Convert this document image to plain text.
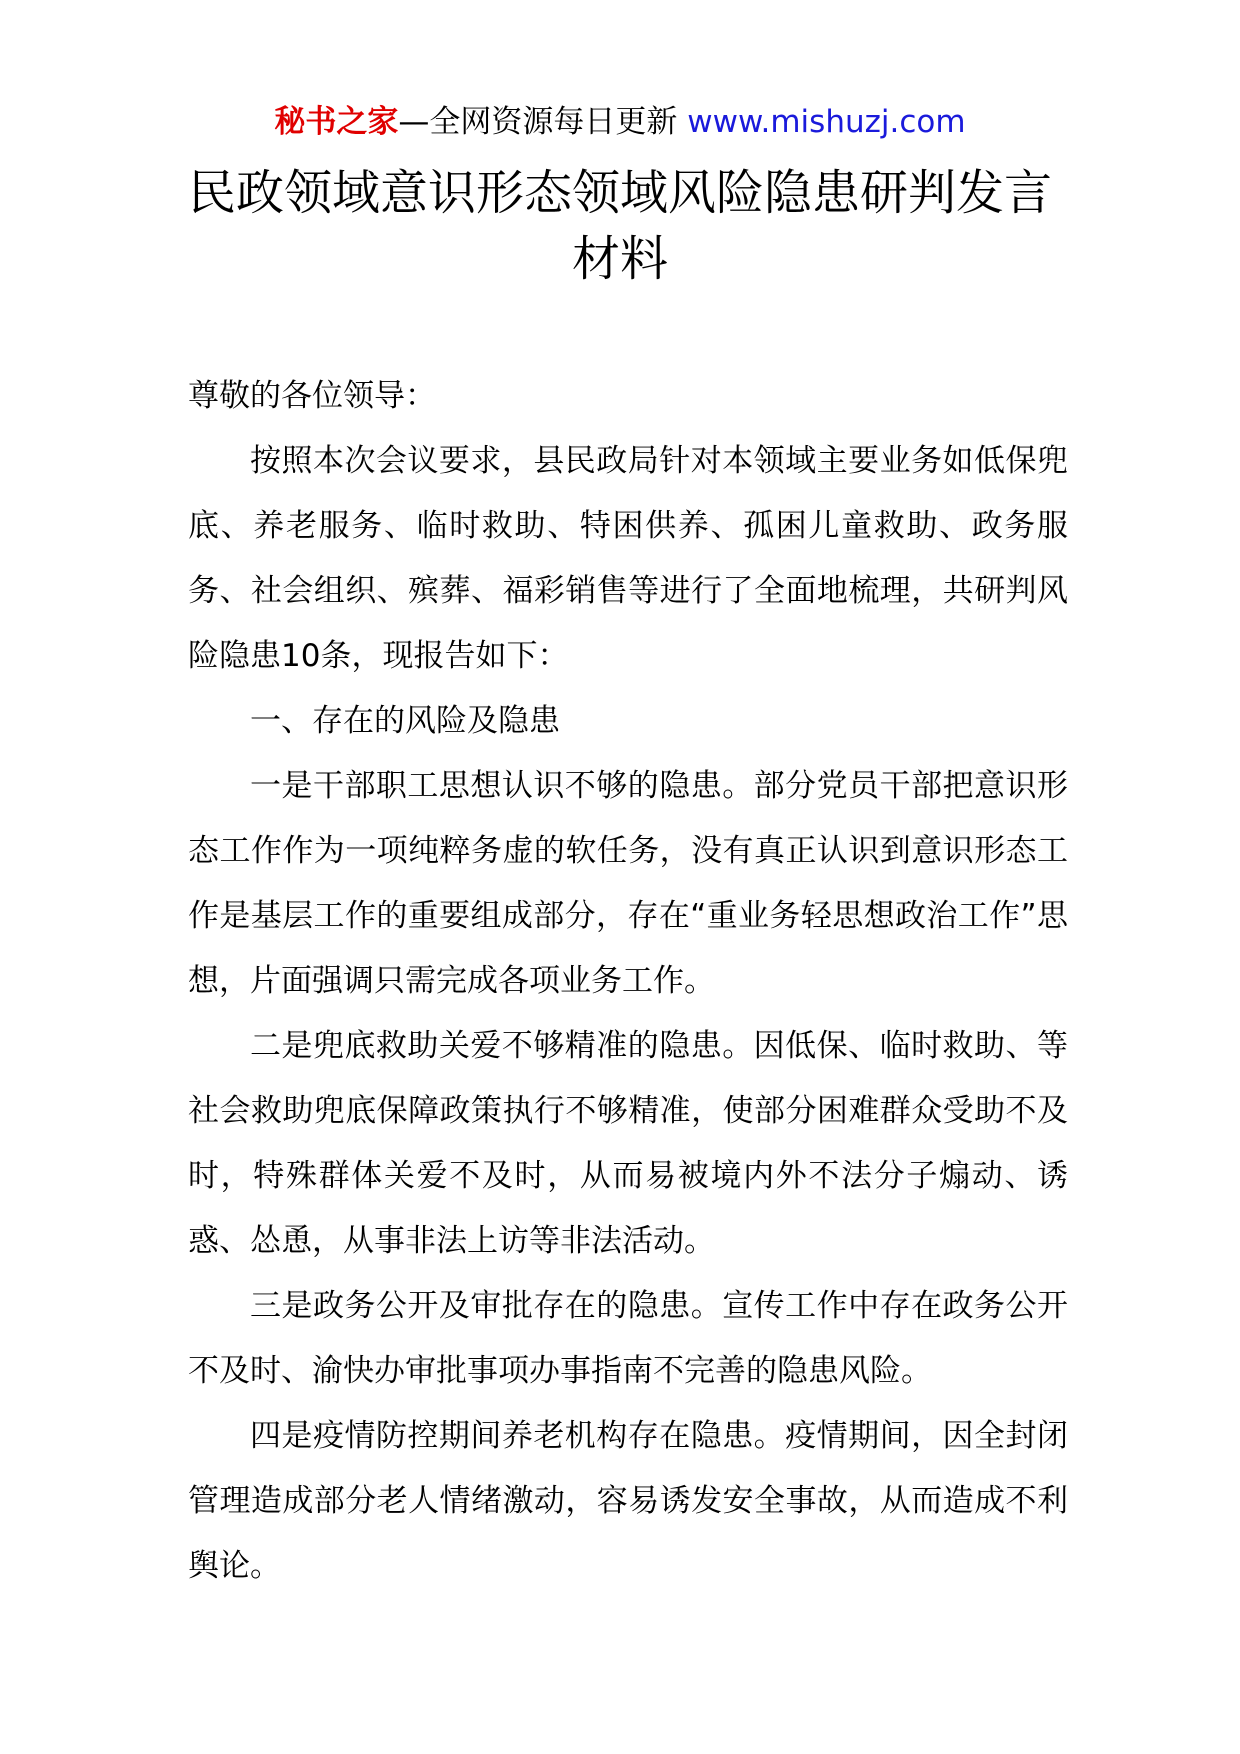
秘书之家—全网资源每日更新 www.mishuzj.com
民政领域意识形态领域风险隐患研判发言材料

尊敬的各位领导：

按照本次会议要求，县民政局针对本领域主要业务如低保兜底、养老服务、临时救助、特困供养、孤困儿童救助、政务服务、社会组织、殡葬、福彩销售等进行了全面地梳理，共研判风险隐患10条，现报告如下：

一、存在的风险及隐患

一是干部职工思想认识不够的隐患。部分党员干部把意识形态工作作为一项纯粹务虚的软任务，没有真正认识到意识形态工作是基层工作的重要组成部分，存在“重业务轻思想政治工作”思想，片面强调只需完成各项业务工作。

二是兜底救助关爱不够精准的隐患。因低保、临时救助、等社会救助兜底保障政策执行不够精准，使部分困难群众受助不及时，特殊群体关爱不及时，从而易被境内外不法分子煽动、诱惑、怂恿，从事非法上访等非法活动。

三是政务公开及审批存在的隐患。宣传工作中存在政务公开不及时、渝快办审批事项办事指南不完善的隐患风险。

四是疫情防控期间养老机构存在隐患。疫情期间，因全封闭管理造成部分老人情绪激动，容易诱发安全事故，从而造成不利舆论。
